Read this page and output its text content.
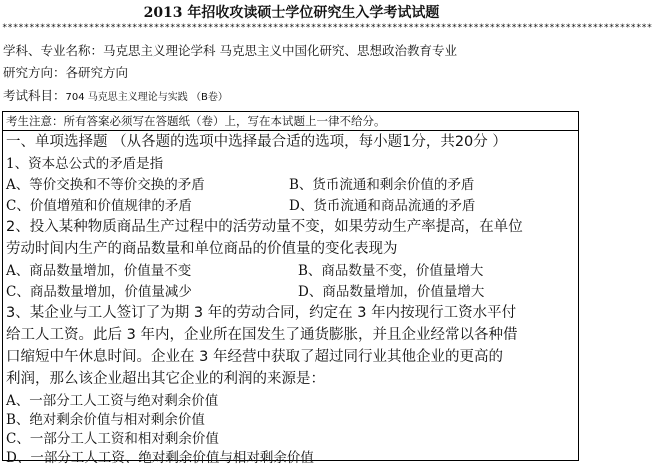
2013 年招收攻读硕士学位研究生入学考试试题
************************************************************************************************************************
学科、专业名称：马克思主义理论学科 马克思主义中国化研究、思想政治教育专业
研究方向：各研究方向
考试科目：704 马克思主义理论与实践 （B卷）
考生注意：所有答案必须写在答题纸（卷）上，写在本试题上一律不给分。
一、单项选择题 （从各题的选项中选择最合适的选项，每小题1分，共20分 ）
1、资本总公式的矛盾是指
A、等价交换和不等价交换的矛盾	B、货币流通和剩余价值的矛盾
C、价值增殖和价值规律的矛盾	D、货币流通和商品流通的矛盾
2、投入某种物质商品生产过程中的活劳动量不变，如果劳动生产率提高，在单位
劳动时间内生产的商品数量和单位商品的价值量的变化表现为
A、商品数量增加，价值量不变	B、商品数量不变，价值量增大
C、商品数量增加，价值量减少	D、商品数量增加，价值量增大
3、某企业与工人签订了为期 3 年的劳动合同，约定在 3 年内按现行工资水平付
给工人工资。此后 3 年内，企业所在国发生了通货膨胀，并且企业经常以各种借
口缩短中午休息时间。企业在 3 年经营中获取了超过同行业其他企业的更高的
利润，那么该企业超出其它企业的利润的来源是：
A、一部分工人工资与绝对剩余价值
B、绝对剩余价值与相对剩余价值
C、一部分工人工资和相对剩余价值
D、一部分工人工资、绝对剩余价值与相对剩余价值
